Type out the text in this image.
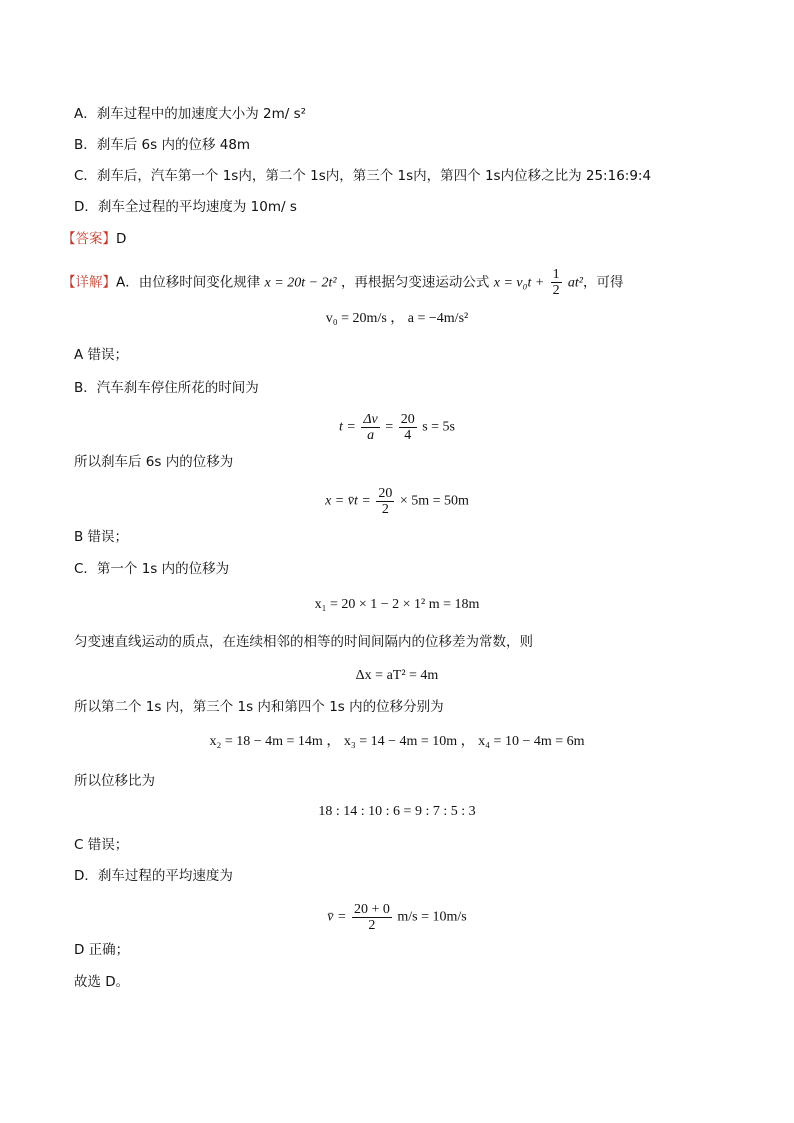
A．刹车过程中的加速度大小为 2m/ s²
B．刹车后 6s 内的位移 48m
C．刹车后，汽车第一个 1s内，第二个 1s内，第三个 1s内，第四个 1s内位移之比为 25:16:9:4
D．刹车全过程的平均速度为 10m/ s
【答案】D
【详解】A．由位移时间变化规律 x = 20t − 2t² ，再根据匀变速运动公式 $x = v_0t + \frac{1}{2} at^2$，可得
v₀ = 20m/s ， a = −4m/s²
A 错误；
B．汽车刹车停住所花的时间为
$t = \frac{\Delta v}{a} = \frac{20}{4}$ s = 5s
所以刹车后 6s 内的位移为
x = v̄t = $\frac{20}{2} \times 5m = 50m$
B 错误；
C．第一个 1s 内的位移为
x₁ = 20 × 1 − 2 × 1² m = 18m
匀变速直线运动的质点，在连续相邻的相等的时间间隔内的位移差为常数，则
Δx = aT² = 4m
所以第二个 1s 内，第三个 1s 内和第四个 1s 内的位移分别为
x₂ = 18 − 4m = 14m ， x₃ = 14 − 4m = 10m ， x₄ = 10 − 4m = 6m
所以位移比为
18 : 14 : 10 : 6 = 9 : 7 : 5 : 3
C 错误；
D．刹车过程的平均速度为
v̄ = $\frac{20 + 0}{2} m/s = 10m/s$
D 正确；
故选 D。
